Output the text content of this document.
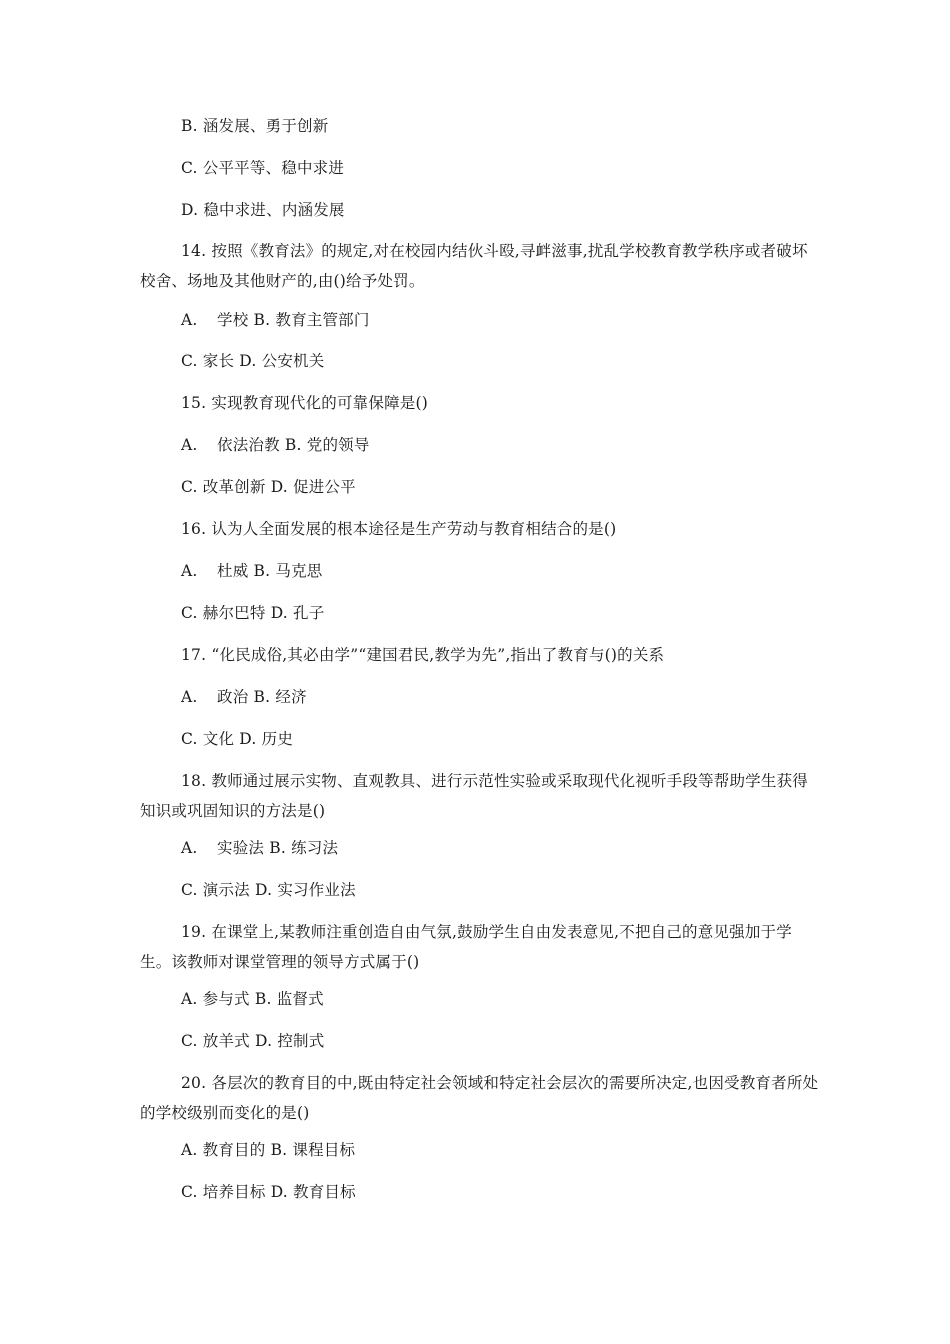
B. 涵发展、勇于创新
C. 公平平等、稳中求进
D. 稳中求进、内涵发展
14. 按照《教育法》的规定,对在校园内结伙斗殴,寻衅滋事,扰乱学校教育教学秩序或者破坏校舍、场地及其他财产的,由()给予处罚。
A. 学校 B. 教育主管部门
C. 家长 D. 公安机关
15. 实现教育现代化的可靠保障是()
A. 依法治教 B. 党的领导
C. 改革创新 D. 促进公平
16. 认为人全面发展的根本途径是生产劳动与教育相结合的是()
A. 杜威 B. 马克思
C. 赫尔巴特 D. 孔子
17. “化民成俗,其必由学”“建国君民,教学为先”,指出了教育与()的关系
A. 政治 B. 经济
C. 文化 D. 历史
18. 教师通过展示实物、直观教具、进行示范性实验或采取现代化视听手段等帮助学生获得知识或巩固知识的方法是()
A. 实验法 B. 练习法
C. 演示法 D. 实习作业法
19. 在课堂上,某教师注重创造自由气氛,鼓励学生自由发表意见,不把自己的意见强加于学生。该教师对课堂管理的领导方式属于()
A. 参与式 B. 监督式
C. 放羊式 D. 控制式
20. 各层次的教育目的中,既由特定社会领域和特定社会层次的需要所决定,也因受教育者所处的学校级别而变化的是()
A. 教育目的 B. 课程目标
C. 培养目标 D. 教育目标
